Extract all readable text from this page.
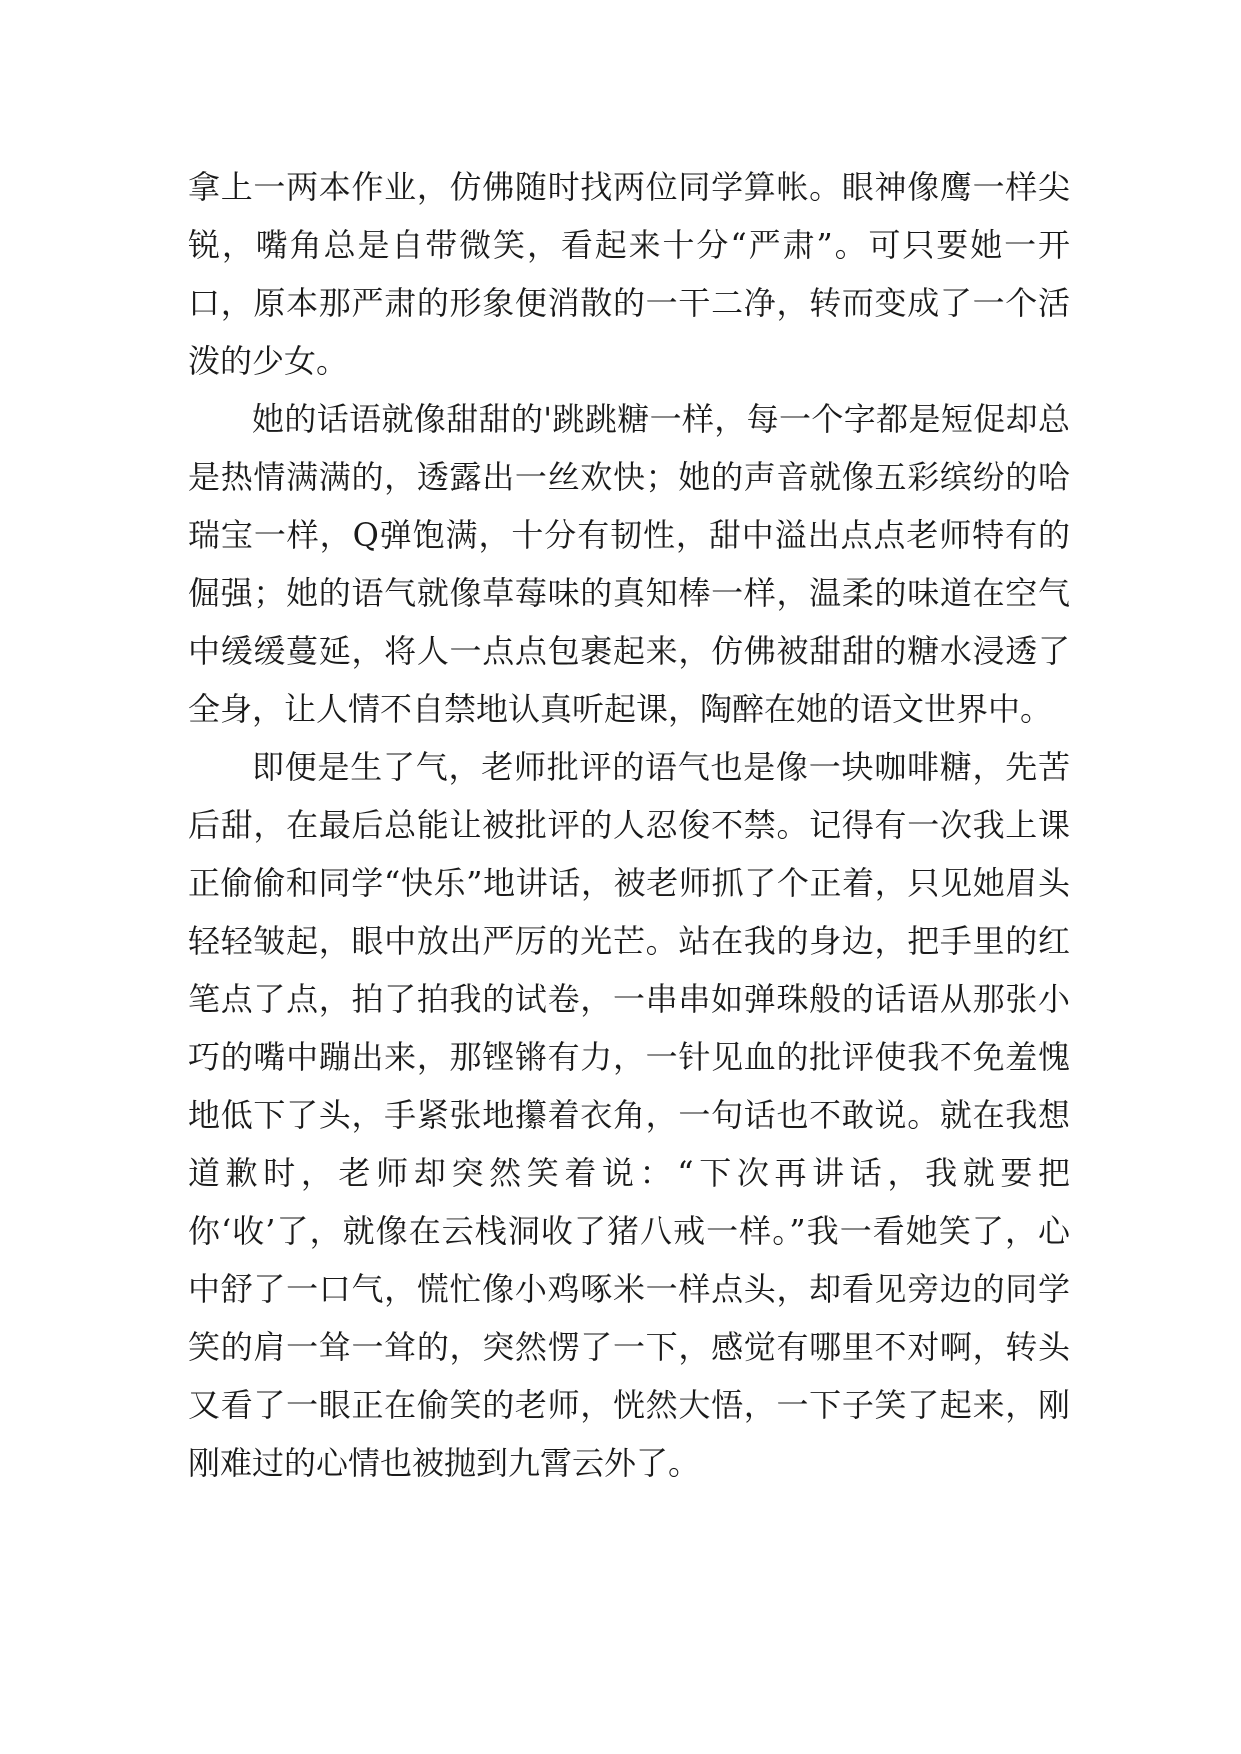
拿上一两本作业，仿佛随时找两位同学算帐。眼神像鹰一样尖锐，嘴角总是自带微笑，看起来十分“严肃”。可只要她一开口，原本那严肃的形象便消散的一干二净，转而变成了一个活泼的少女。

她的话语就像甜甜的'跳跳糖一样，每一个字都是短促却总是热情满满的，透露出一丝欢快；她的声音就像五彩缤纷的哈瑞宝一样，Q弹饱满，十分有韧性，甜中溢出点点老师特有的倔强；她的语气就像草莓味的真知棒一样，温柔的味道在空气中缓缓蔓延，将人一点点包裹起来，仿佛被甜甜的糖水浸透了全身，让人情不自禁地认真听起课，陶醉在她的语文世界中。

即便是生了气，老师批评的语气也是像一块咖啡糖，先苦后甜，在最后总能让被批评的人忍俊不禁。记得有一次我上课正偷偷和同学“快乐”地讲话，被老师抓了个正着，只见她眉头轻轻皱起，眼中放出严厉的光芒。站在我的身边，把手里的红笔点了点，拍了拍我的试卷，一串串如弹珠般的话语从那张小巧的嘴中蹦出来，那铿锵有力，一针见血的批评使我不免羞愧地低下了头，手紧张地攥着衣角，一句话也不敢说。就在我想道歉时，老师却突然笑着说：“下次再讲话，我就要把你‘收’了，就像在云栈洞收了猪八戒一样。”我一看她笑了，心中舒了一口气，慌忙像小鸡啄米一样点头，却看见旁边的同学笑的肩一耸一耸的，突然愣了一下，感觉有哪里不对啊，转头又看了一眼正在偷笑的老师，恍然大悟，一下子笑了起来，刚刚难过的心情也被抛到九霄云外了。
